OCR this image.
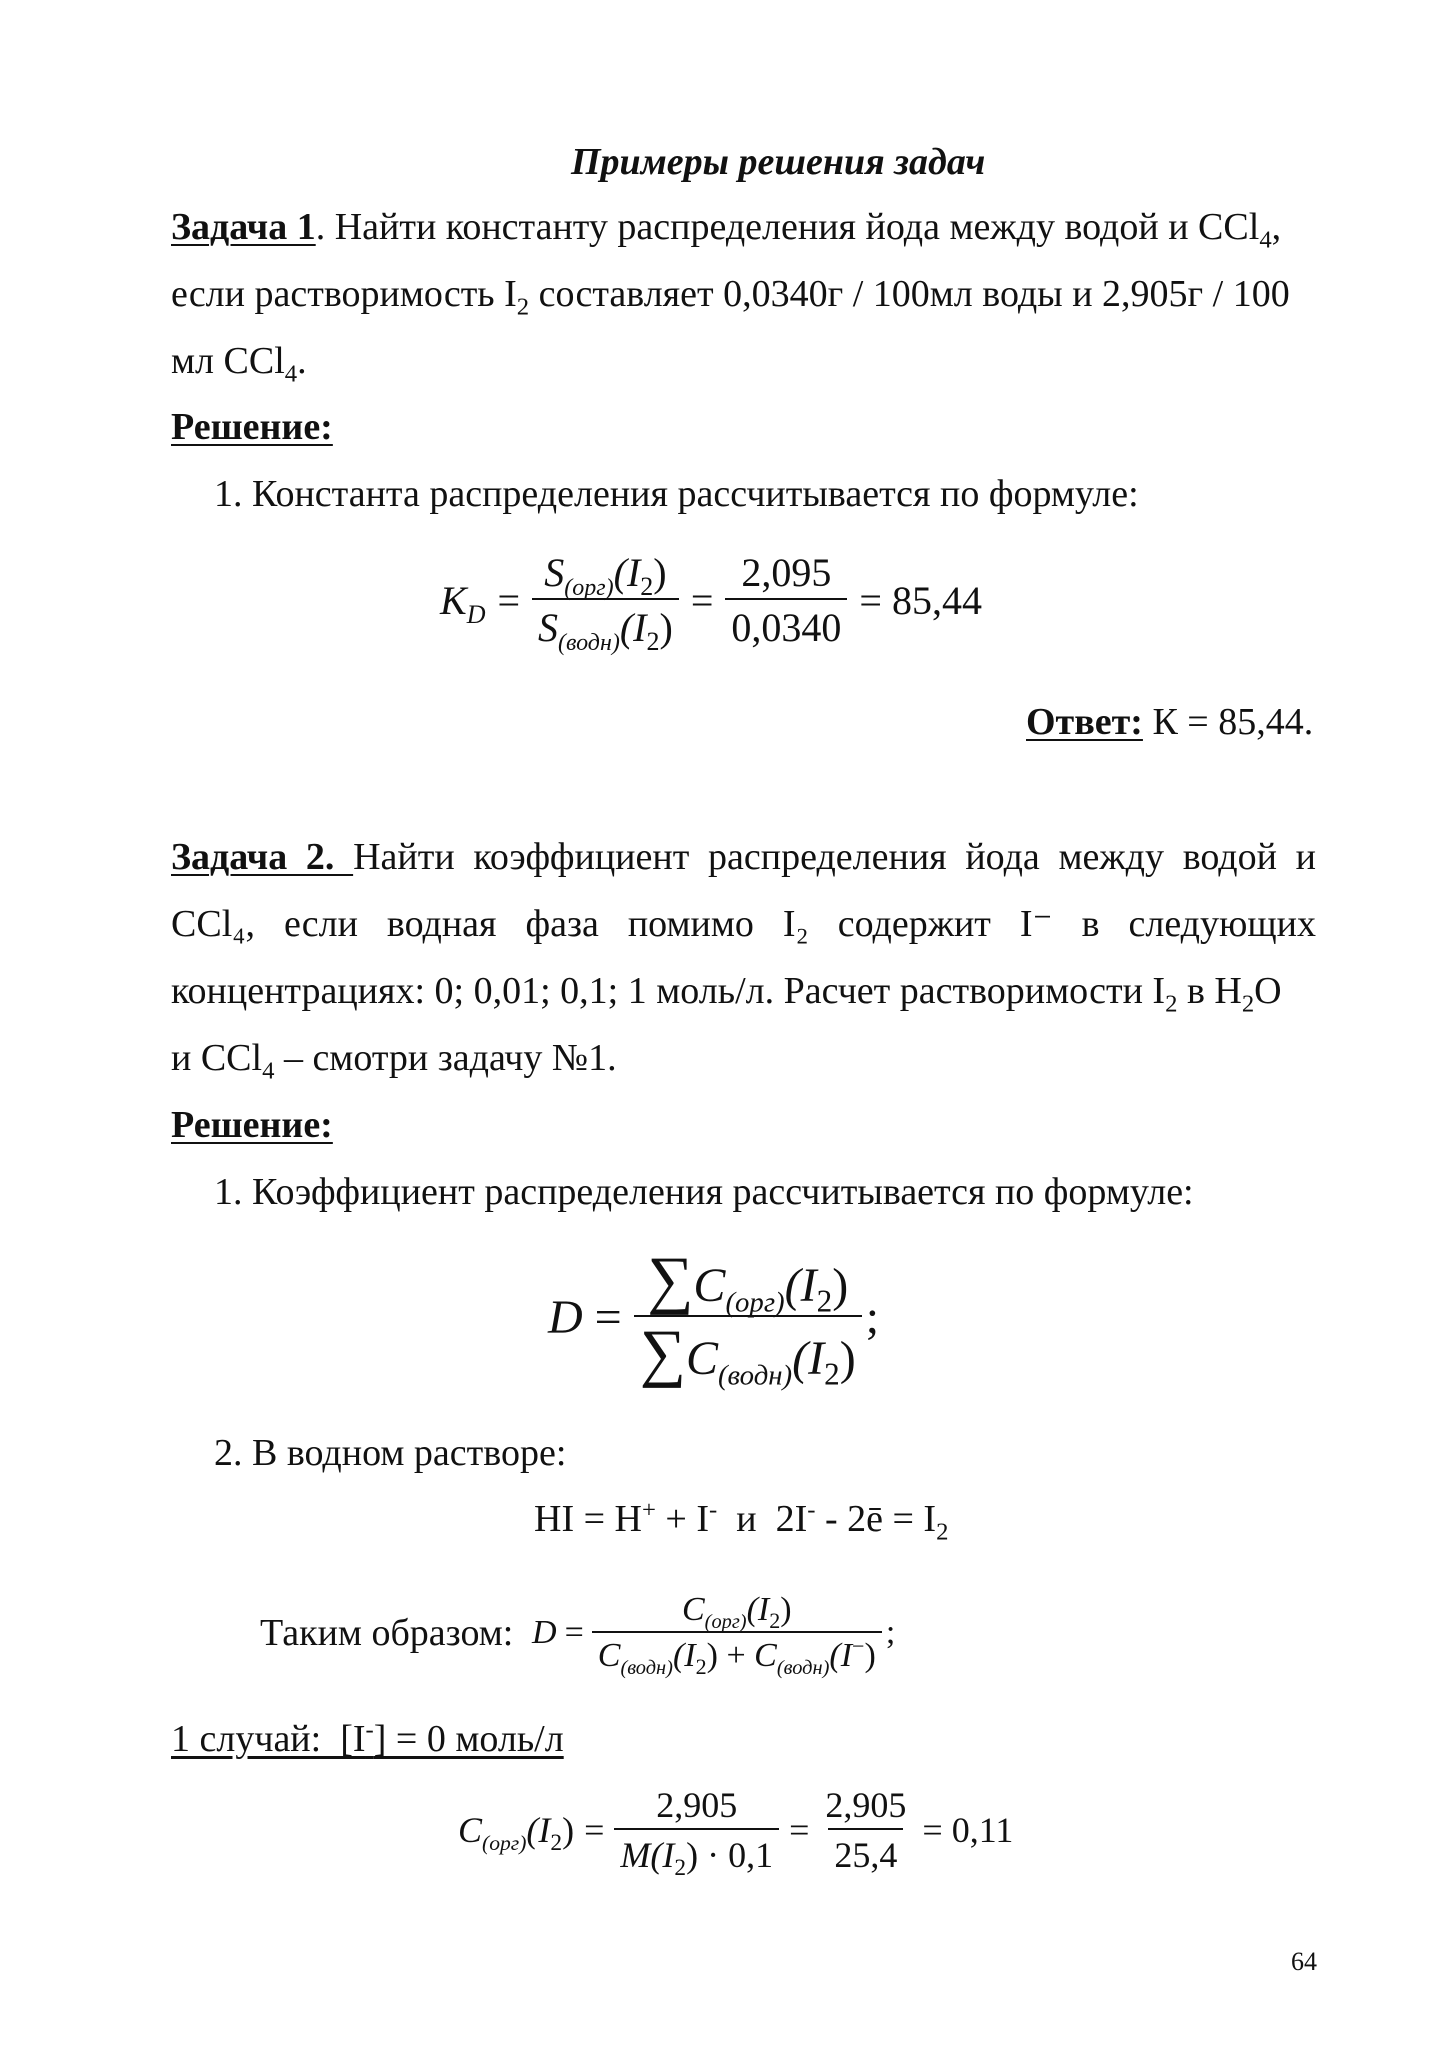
Примеры решения задач
Задача 1. Найти константу распределения йода между водой и CCl$_4$,
если растворимость $I_2$ составляет 0,0340г / 100мл воды и 2,905г / 100
мл CCl$_4$.
Решение:
1. Константа распределения рассчитывается по формуле:
$K_D = \frac{S_{(орг)}(I_2)}{S_{(водн)}(I_2)} = \frac{2,095}{0,0340} = 85,44$
Ответ: К = 85,44.
Задача 2. Найти коэффициент распределения йода между водой и
CCl₄, если водная фаза помимо I₂ содержит I⁻ в следующих
концентрациях: 0; 0,01; 0,1; 1 моль/л. Расчет растворимости $I_2$ в $H_2O$
и CCl$_4$ – смотри задачу №1.
Решение:
1. Коэффициент распределения рассчитывается по формуле:
$D = \frac{\sum C_{(орг)}(I_2)}{\sum C_{(водн)}(I_2)}$ ;
2. В водном растворе:
HI = H+ + I-  и  2I- - 2ē = $I_2$
Таким образом: $D = \frac{C_{(орг)}(I_2)}{C_{(водн)}(I_2) + C_{(водн)}(I^-)}$ ;
1 случай:  [I-] = 0 моль/л
$C_{(орг)}(I_2) = \frac{2,905}{M(I_2) \cdot 0,1} = \frac{2,905}{25,4} = 0,11$
64
